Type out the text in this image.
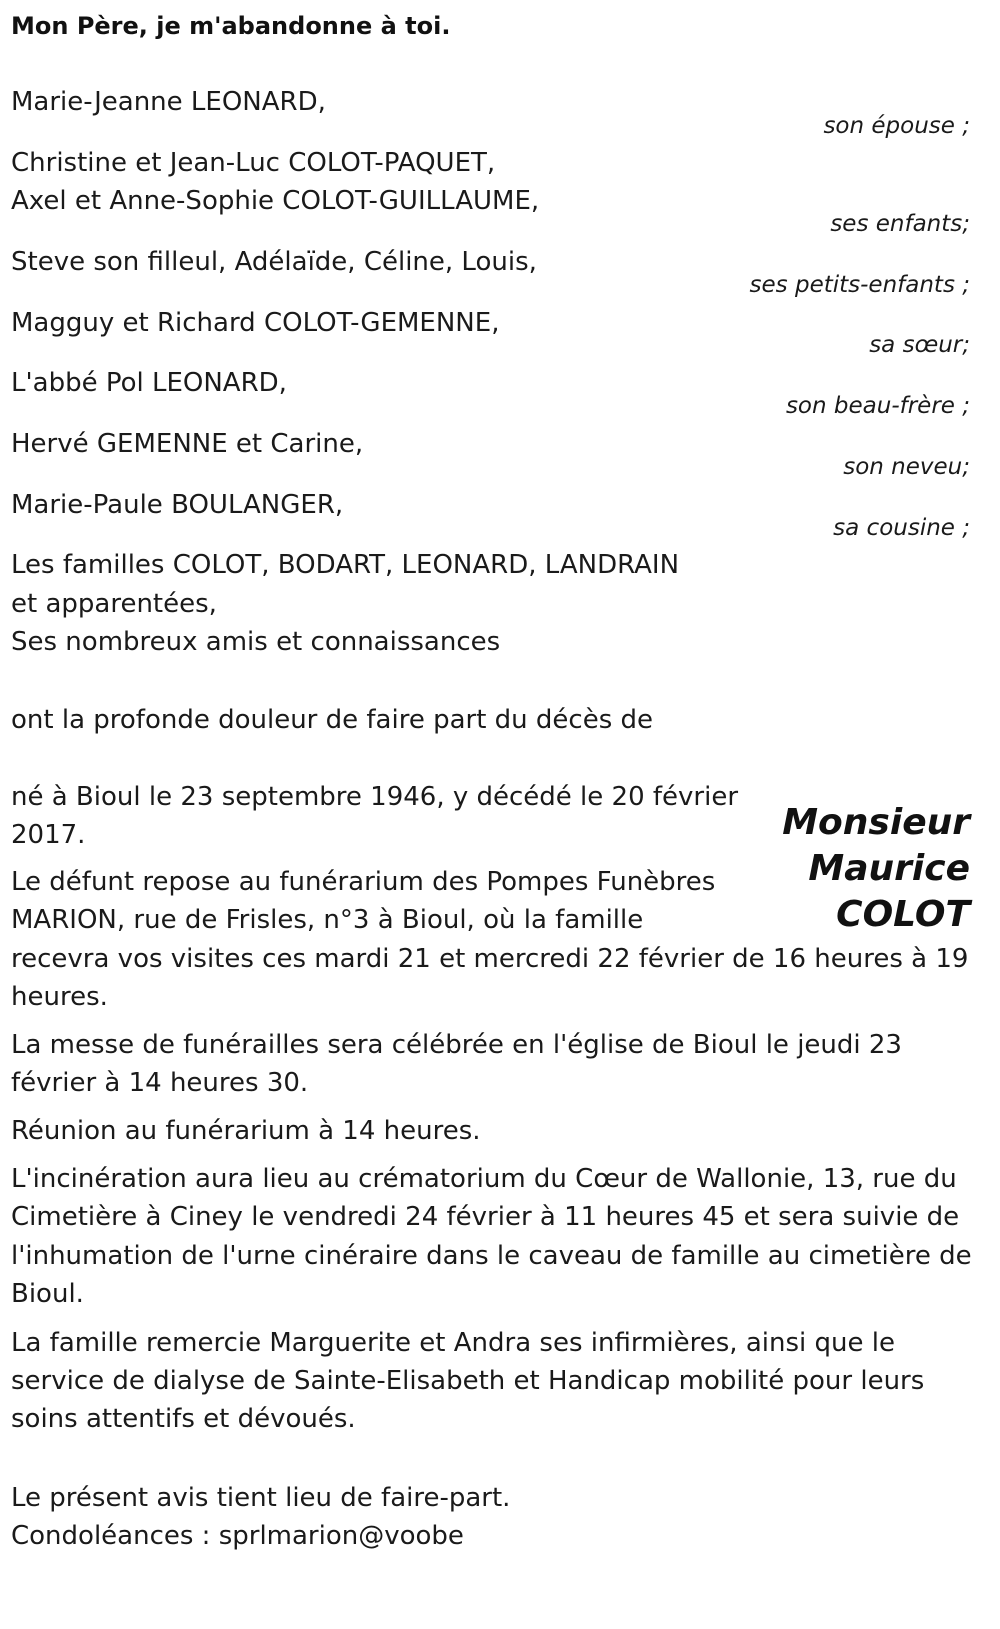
Mon Père, je m'abandonne à toi.
Marie-Jeanne LEONARD,
son épouse ;
Christine et Jean-Luc COLOT-PAQUET,
Axel et Anne-Sophie COLOT-GUILLAUME,
ses enfants;
Steve son filleul, Adélaïde, Céline, Louis,
ses petits-enfants ;
Magguy et Richard COLOT-GEMENNE,
sa sœur;
L'abbé Pol LEONARD,
son beau-frère ;
Hervé GEMENNE et Carine,
son neveu;
Marie-Paule BOULANGER,
sa cousine ;
Les familles COLOT, BODART, LEONARD, LANDRAIN
et apparentées,
Ses nombreux amis et connaissances
ont la profonde douleur de faire part du décès de
Monsieur
Maurice
COLOT
né à Bioul le 23 septembre 1946, y décédé le 20 février
2017.
Le défunt repose au funérarium des Pompes Funèbres
MARION, rue de Frisles, n°3 à Bioul, où la famille
recevra vos visites ces mardi 21 et mercredi 22 février de 16 heures à 19
heures.
La messe de funérailles sera célébrée en l'église de Bioul le jeudi 23
février à 14 heures 30.
Réunion au funérarium à 14 heures.
L'incinération aura lieu au crématorium du Cœur de Wallonie, 13, rue du
Cimetière à Ciney le vendredi 24 février à 11 heures 45 et sera suivie de
l'inhumation de l'urne cinéraire dans le caveau de famille au cimetière de
Bioul.
La famille remercie Marguerite et Andra ses infirmières, ainsi que le
service de dialyse de Sainte-Elisabeth et Handicap mobilité pour leurs
soins attentifs et dévoués.
Le présent avis tient lieu de faire-part.
Condoléances : sprlmarion@voobe
